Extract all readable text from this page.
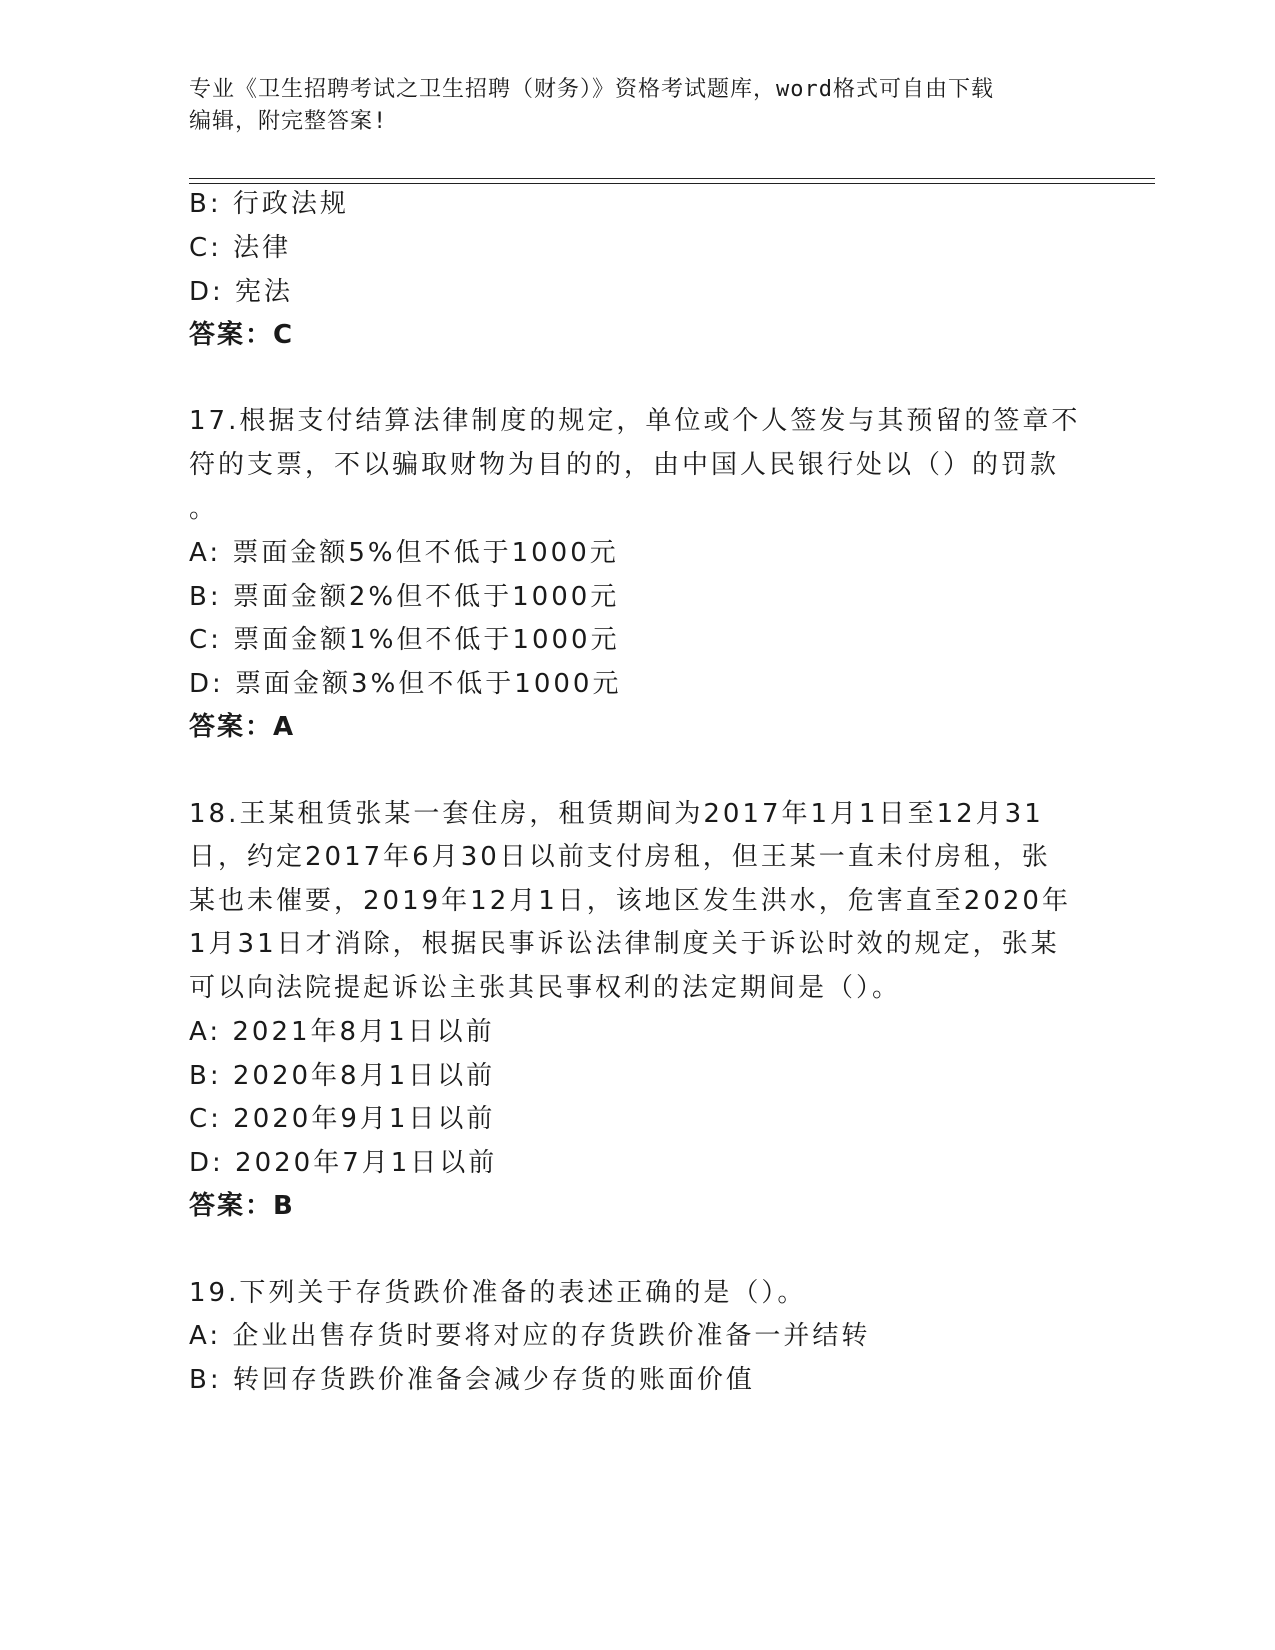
专业《卫生招聘考试之卫生招聘（财务）》资格考试题库，word格式可自由下载
编辑，附完整答案!
B: 行政法规
C: 法律
D: 宪法
答案：C
17.根据支付结算法律制度的规定，单位或个人签发与其预留的签章不
符的支票，不以骗取财物为目的的，由中国人民银行处以（）的罚款
。
A: 票面金额5%但不低于1000元
B: 票面金额2%但不低于1000元
C: 票面金额1%但不低于1000元
D: 票面金额3%但不低于1000元
答案：A
18.王某租赁张某一套住房，租赁期间为2017年1月1日至12月31
日，约定2017年6月30日以前支付房租，但王某一直未付房租，张
某也未催要，2019年12月1日，该地区发生洪水，危害直至2020年
1月31日才消除，根据民事诉讼法律制度关于诉讼时效的规定，张某
可以向法院提起诉讼主张其民事权利的法定期间是（）。
A: 2021年8月1日以前
B: 2020年8月1日以前
C: 2020年9月1日以前
D: 2020年7月1日以前
答案：B
19.下列关于存货跌价准备的表述正确的是（）。
A: 企业出售存货时要将对应的存货跌价准备一并结转
B: 转回存货跌价准备会减少存货的账面价值
